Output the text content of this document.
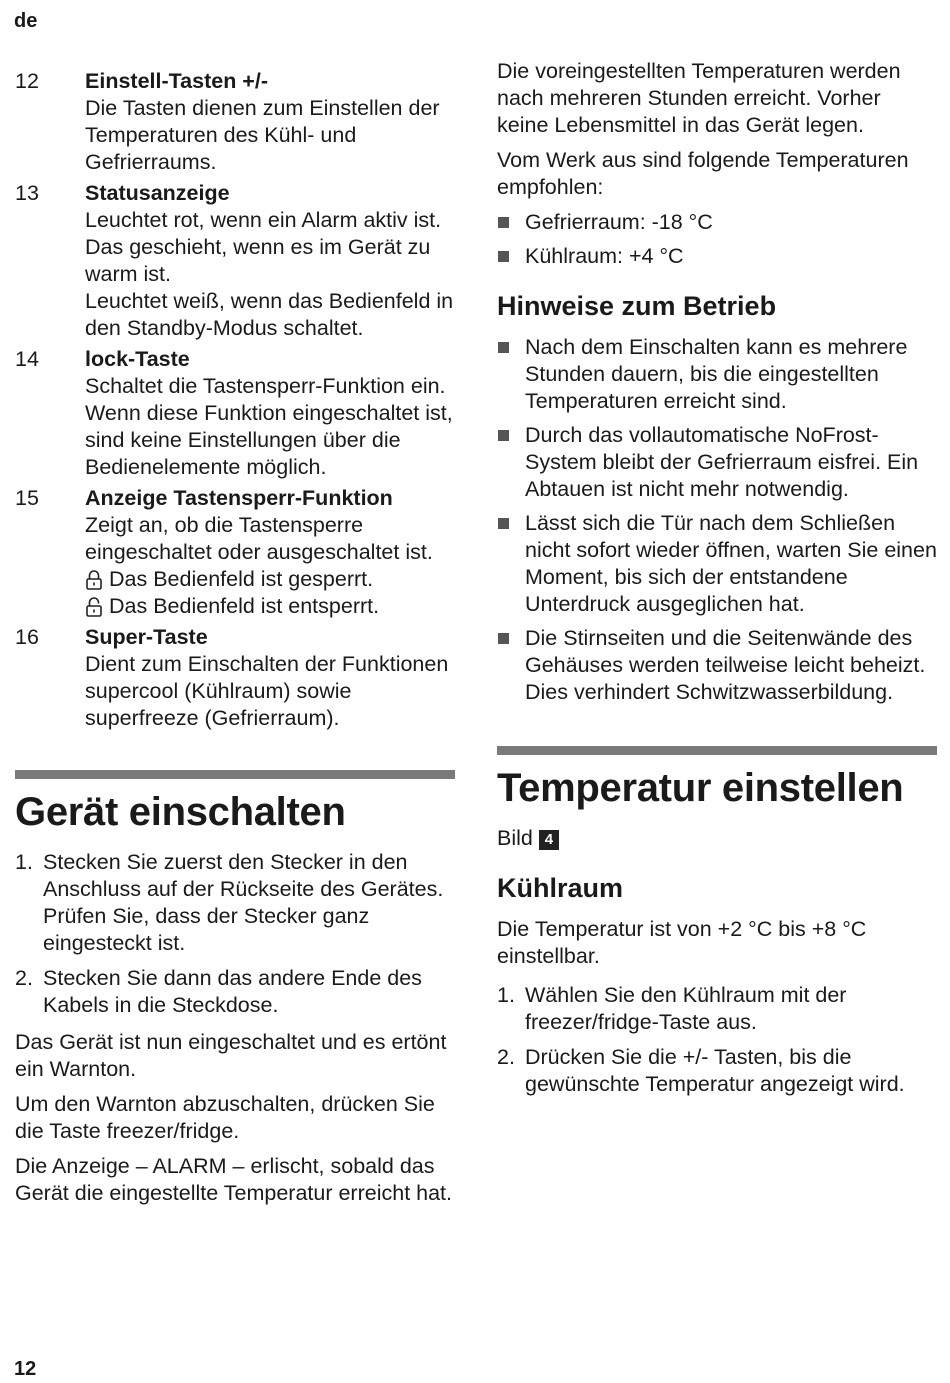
de
12 Einstell-Tasten +/-

Die Tasten dienen zum Einstellen der Temperaturen des Kühl- und Gefrierraums.

13 Statusanzeige

Leuchtet rot, wenn ein Alarm aktiv ist. Das geschieht, wenn es im Gerät zu warm ist.

Leuchtet weiß, wenn das Bedienfeld in den Standby-Modus schaltet.

14 lock-Taste

Schaltet die Tastensperr-Funktion ein. Wenn diese Funktion eingeschaltet ist, sind keine Einstellungen über die Bedienelemente möglich.

15 Anzeige Tastensperr-Funktion

Zeigt an, ob die Tastensperre eingeschaltet oder ausgeschaltet ist.

Das Bedienfeld ist gesperrt.
Das Bedienfeld ist entsperrt.
16 Super-Taste

Dient zum Einschalten der Funktionen supercool (Kühlraum) sowie superfreeze (Gefrierraum).

Gerät einschalten
1. Stecken Sie zuerst den Stecker in den Anschluss auf der Rückseite des Gerätes. Prüfen Sie, dass der Stecker ganz eingesteckt ist.
2. Stecken Sie dann das andere Ende des Kabels in die Steckdose.

Das Gerät ist nun eingeschaltet und es ertönt ein Warnton.

Um den Warnton abzuschalten, drücken Sie die Taste freezer/fridge.

Die Anzeige – ALARM – erlischt, sobald das Gerät die eingestellte Temperatur erreicht hat.

Die voreingestellten Temperaturen werden nach mehreren Stunden erreicht. Vorher keine Lebensmittel in das Gerät legen.

Vom Werk aus sind folgende Temperaturen empfohlen:

Gefrierraum: -18 °C
Kühlraum: +4 °C
Hinweise zum Betrieb
Nach dem Einschalten kann es mehrere Stunden dauern, bis die eingestellten Temperaturen erreicht sind.
Durch das vollautomatische NoFrost-System bleibt der Gefrierraum eisfrei. Ein Abtauen ist nicht mehr notwendig.
Lässt sich die Tür nach dem Schließen nicht sofort wieder öffnen, warten Sie einen Moment, bis sich der entstandene Unterdruck ausgeglichen hat.
Die Stirnseiten und die Seitenwände des Gehäuses werden teilweise leicht beheizt. Dies verhindert Schwitzwasserbildung.
Temperatur einstellen

Bild 4

Kühlraum

Die Temperatur ist von +2 °C bis +8 °C einstellbar.

1. Wählen Sie den Kühlraum mit der freezer/fridge-Taste aus.
2. Drücken Sie die +/- Tasten, bis die gewünschte Temperatur angezeigt wird.
12
